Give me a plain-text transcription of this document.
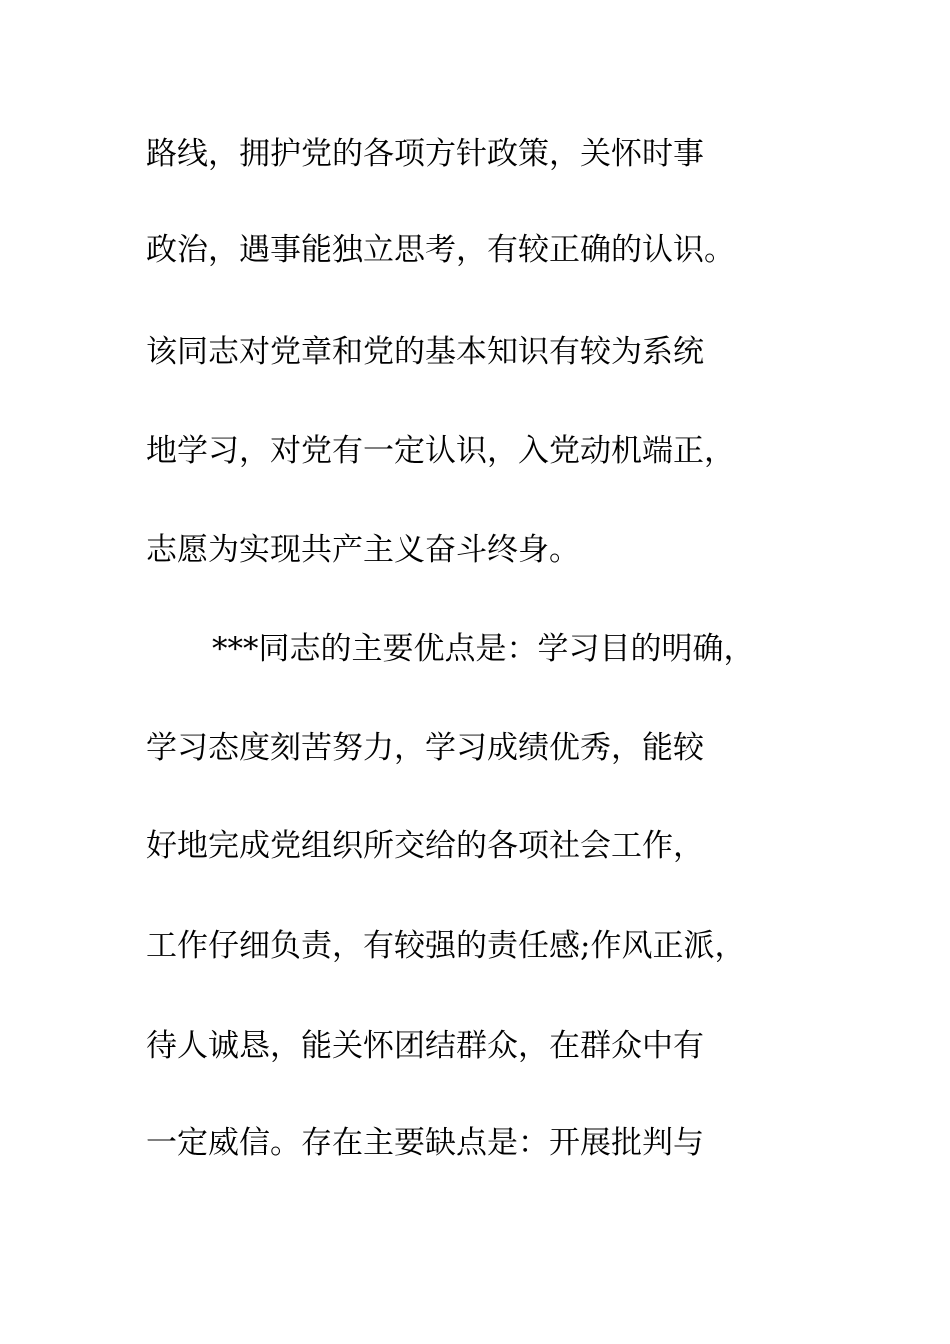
路线，拥护党的各项方针政策，关怀时事
政治，遇事能独立思考，有较正确的认识。
该同志对党章和党的基本知识有较为系统
地学习，对党有一定认识，入党动机端正，
志愿为实现共产主义奋斗终身。
***同志的主要优点是：学习目的明确，
学习态度刻苦努力，学习成绩优秀，能较
好地完成党组织所交给的各项社会工作，
工作仔细负责，有较强的责任感;作风正派，
待人诚恳，能关怀团结群众，在群众中有
一定威信。存在主要缺点是：开展批判与
